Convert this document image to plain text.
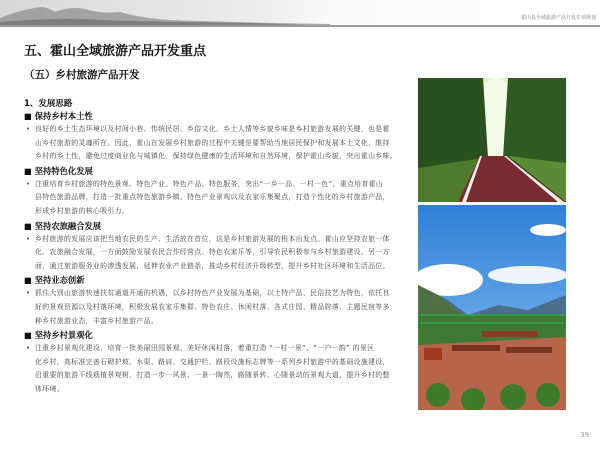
霍山县全域旅游产品开发专项规划
五、霍山全域旅游产品开发重点
（五）乡村旅游产品开发
1、发展思路
■ 保持乡村本土性
• 良好的乡土生态环境以及村间小巷、传统民居、乡俗文化、乡土人情等乡貌乡味是乡村旅游发展的关键，也是霍
山乡村旅游的灵魂所在。因此，霍山在发展乡村旅游的过程中关键是要帮助当地居民保护和发展本土文化，维持
乡村的乡土性，避免过度商业化与城镇化，保持绿色健康的生活环境和自然环境，保护霍山乡貌，突出霍山乡味。
■ 坚持特色化发展
• 注重培育乡村旅游的特色景观、特色产业、特色产品、特色服务，突出“一乡一品、一村一色”，重点培育霍山
县特色旅游品牌，打造一批重点特色旅游乡镇、特色产业景观以及农家乐集聚点，打造个性化的乡村旅游产品，
形成乡村旅游的核心吸引力。
■ 坚持农旅融合发展
• 乡村旅游的发展应该把当地农民的生产、生活放在首位，这是乡村旅游发展的根本出发点。霍山应坚持农旅一体
化、农旅融合发展，一方面鼓励发展农民合作经营点、特色农家乐等，引导农民积极参与乡村旅游建设。另一方
面，通过旅游服务业的渗透发展，延伸农业产业链条，推动乡村经济升级转型，提升乡村社区环境和生活品位。
■ 坚持业态创新
• 抓住大别山旅游快速扶贫通道开通的机遇，以乡村特色产业发展为基础，以土特产品、民俗技艺为特色，依托良
好的景观资源以及村落环境，积极发展农家乐集群、特色农庄、休闲村落、各式庄园、精品院落、主题民宿等多
种乡村旅游业态，丰富乡村旅游产品。
■ 坚持乡村景观化
• 注重乡村景观化建设，培育一批美丽田园景观、美好休闲村落，着重打造 “一村一景”、“一户一韵” 的景区
化乡村，高标准完善石砌护坡、水渠、路肩、交通护栏、路段设施标志牌等一系列乡村旅游中的基础设施建设，
沿重要的旅游干线栽植景观树，打造一步一风景、一景一陶然，路随景转、心随景动的景观大道，提升乡村的整
体环境。
39
